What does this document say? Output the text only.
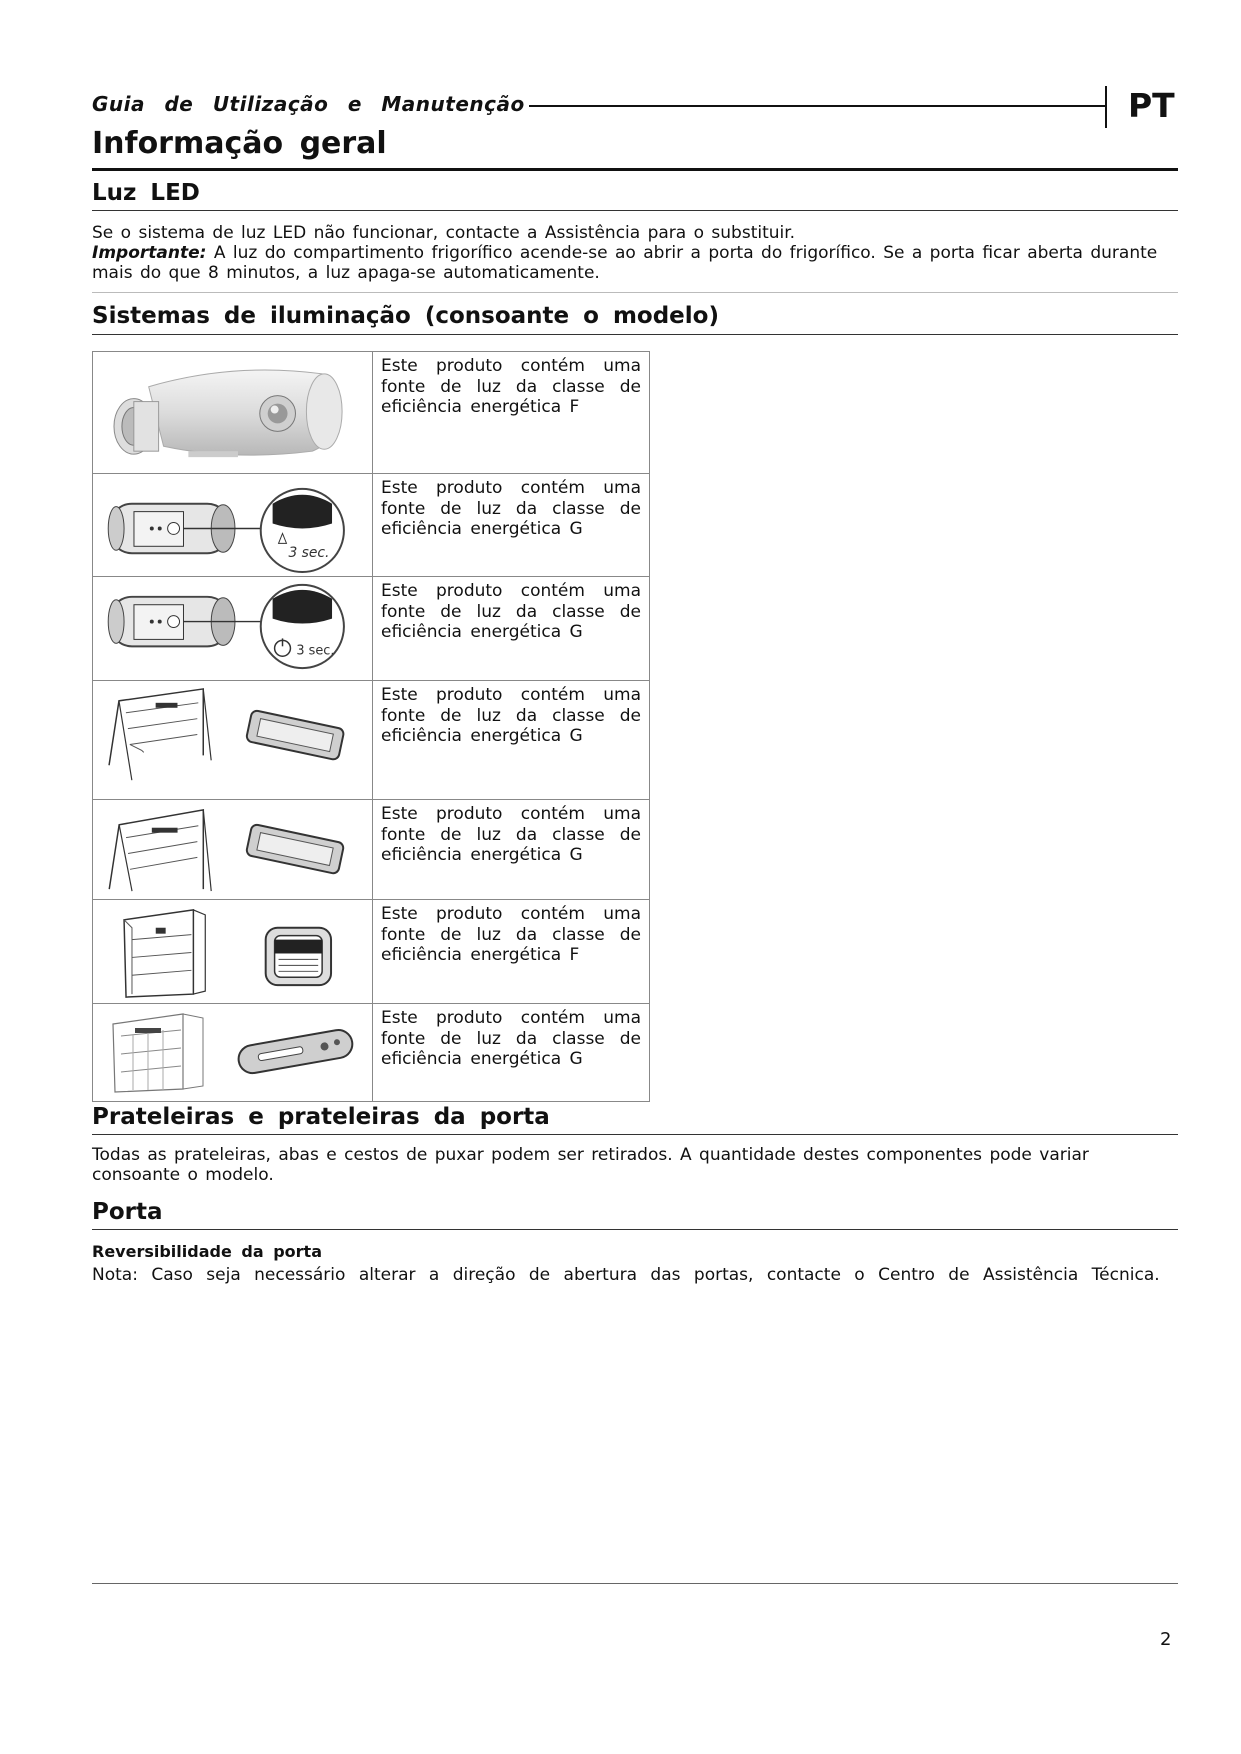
Guia de Utilização e Manutenção	PT
Informação geral
Luz LED
Se o sistema de luz LED não funcionar, contacte a Assistência para o substituir.
Importante: A luz do compartimento frigorífico acende-se ao abrir a porta do frigorífico. Se a porta ficar aberta durante mais do que 8 minutos, a luz apaga-se automaticamente.
Sistemas de iluminação (consoante o modelo)
Este produto contém uma fonte de luz da classe de eficiência energética F
3 sec.
Este produto contém uma fonte de luz da classe de eficiência energética G
3 sec.
Este produto contém uma fonte de luz da classe de eficiência energética G
Este produto contém uma fonte de luz da classe de eficiência energética G
Este produto contém uma fonte de luz da classe de eficiência energética G
Este produto contém uma fonte de luz da classe de eficiência energética F
Este produto contém uma fonte de luz da classe de eficiência energética G
Prateleiras e prateleiras da porta
Todas as prateleiras, abas e cestos de puxar podem ser retirados. A quantidade destes componentes pode variar consoante o modelo.
Porta
Reversibilidade da porta
Nota: Caso seja necessário alterar a direção de abertura das portas, contacte o Centro de Assistência Técnica.
2
